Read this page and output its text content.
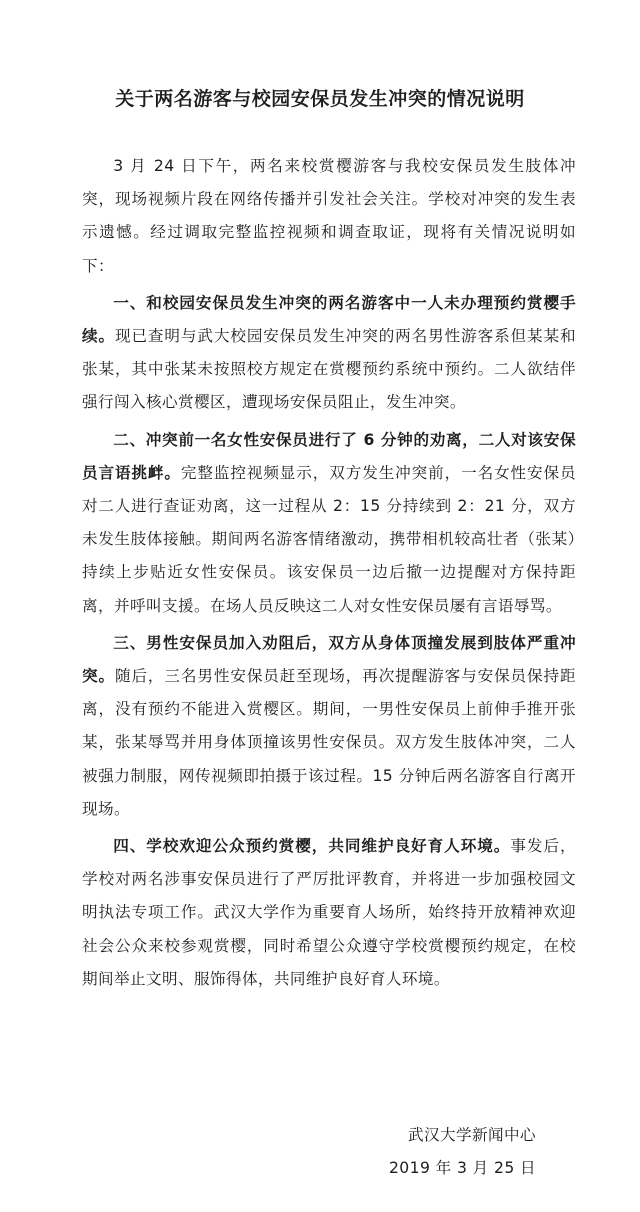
关于两名游客与校园安保员发生冲突的情况说明

3 月 24 日下午，两名来校赏樱游客与我校安保员发生肢体冲突，现场视频片段在网络传播并引发社会关注。学校对冲突的发生表示遗憾。经过调取完整监控视频和调查取证，现将有关情况说明如下：

一、和校园安保员发生冲突的两名游客中一人未办理预约赏樱手续。现已查明与武大校园安保员发生冲突的两名男性游客系但某某和张某，其中张某未按照校方规定在赏樱预约系统中预约。二人欲结伴强行闯入核心赏樱区，遭现场安保员阻止，发生冲突。

二、冲突前一名女性安保员进行了 6 分钟的劝离，二人对该安保员言语挑衅。完整监控视频显示，双方发生冲突前，一名女性安保员对二人进行查证劝离，这一过程从 2：15 分持续到 2：21 分，双方未发生肢体接触。期间两名游客情绪激动，携带相机较高壮者（张某）持续上步贴近女性安保员。该安保员一边后撤一边提醒对方保持距离，并呼叫支援。在场人员反映这二人对女性安保员屡有言语辱骂。

三、男性安保员加入劝阻后，双方从身体顶撞发展到肢体严重冲突。随后，三名男性安保员赶至现场，再次提醒游客与安保员保持距离，没有预约不能进入赏樱区。期间，一男性安保员上前伸手推开张某，张某辱骂并用身体顶撞该男性安保员。双方发生肢体冲突，二人被强力制服，网传视频即拍摄于该过程。15 分钟后两名游客自行离开现场。

四、学校欢迎公众预约赏樱，共同维护良好育人环境。事发后，学校对两名涉事安保员进行了严厉批评教育，并将进一步加强校园文明执法专项工作。武汉大学作为重要育人场所，始终持开放精神欢迎社会公众来校参观赏樱，同时希望公众遵守学校赏樱预约规定，在校期间举止文明、服饰得体，共同维护良好育人环境。

武汉大学新闻中心
2019 年 3 月 25 日
